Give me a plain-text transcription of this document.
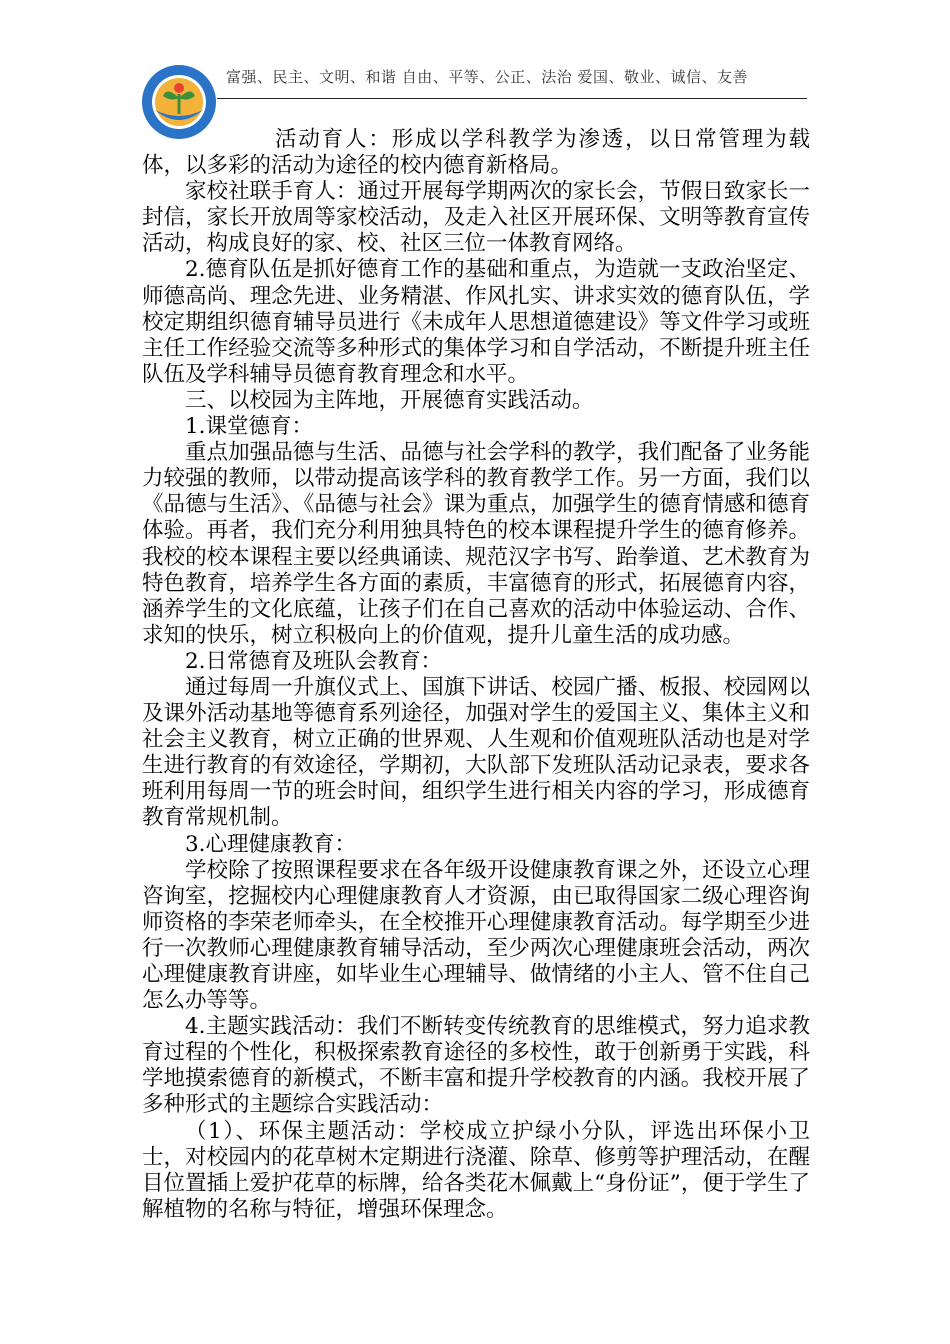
富强、民主、文明、和谐 自由、平等、公正、法治 爱国、敬业、诚信、友善

活动育人：形成以学科教学为渗透，以日常管理为载体，以多彩的活动为途径的校内德育新格局。

家校社联手育人：通过开展每学期两次的家长会，节假日致家长一封信，家长开放周等家校活动，及走入社区开展环保、文明等教育宣传活动，构成良好的家、校、社区三位一体教育网络。

2.德育队伍是抓好德育工作的基础和重点，为造就一支政治坚定、师德高尚、理念先进、业务精湛、作风扎实、讲求实效的德育队伍，学校定期组织德育辅导员进行《未成年人思想道德建设》等文件学习或班主任工作经验交流等多种形式的集体学习和自学活动，不断提升班主任队伍及学科辅导员德育教育理念和水平。

三、以校园为主阵地，开展德育实践活动。

1.课堂德育：

重点加强品德与生活、品德与社会学科的教学，我们配备了业务能力较强的教师，以带动提高该学科的教育教学工作。另一方面，我们以《品德与生活》、《品德与社会》课为重点，加强学生的德育情感和德育体验。再者，我们充分利用独具特色的校本课程提升学生的德育修养。我校的校本课程主要以经典诵读、规范汉字书写、跆拳道、艺术教育为特色教育，培养学生各方面的素质，丰富德育的形式，拓展德育内容，涵养学生的文化底蕴，让孩子们在自己喜欢的活动中体验运动、合作、求知的快乐，树立积极向上的价值观，提升儿童生活的成功感。

2.日常德育及班队会教育：

通过每周一升旗仪式上、国旗下讲话、校园广播、板报、校园网以及课外活动基地等德育系列途径，加强对学生的爱国主义、集体主义和社会主义教育，树立正确的世界观、人生观和价值观班队活动也是对学生进行教育的有效途径，学期初，大队部下发班队活动记录表，要求各班利用每周一节的班会时间，组织学生进行相关内容的学习，形成德育教育常规机制。

3.心理健康教育：

学校除了按照课程要求在各年级开设健康教育课之外，还设立心理咨询室，挖掘校内心理健康教育人才资源，由已取得国家二级心理咨询师资格的李荣老师牵头，在全校推开心理健康教育活动。每学期至少进行一次教师心理健康教育辅导活动，至少两次心理健康班会活动，两次心理健康教育讲座，如毕业生心理辅导、做情绪的小主人、管不住自己怎么办等等。

4.主题实践活动：我们不断转变传统教育的思维模式，努力追求教育过程的个性化，积极探索教育途径的多校性，敢于创新勇于实践，科学地摸索德育的新模式，不断丰富和提升学校教育的内涵。我校开展了多种形式的主题综合实践活动：

（1）、环保主题活动：学校成立护绿小分队，评选出环保小卫士，对校园内的花草树木定期进行浇灌、除草、修剪等护理活动，在醒目位置插上爱护花草的标牌，给各类花木佩戴上“身份证”，便于学生了解植物的名称与特征，增强环保理念。
